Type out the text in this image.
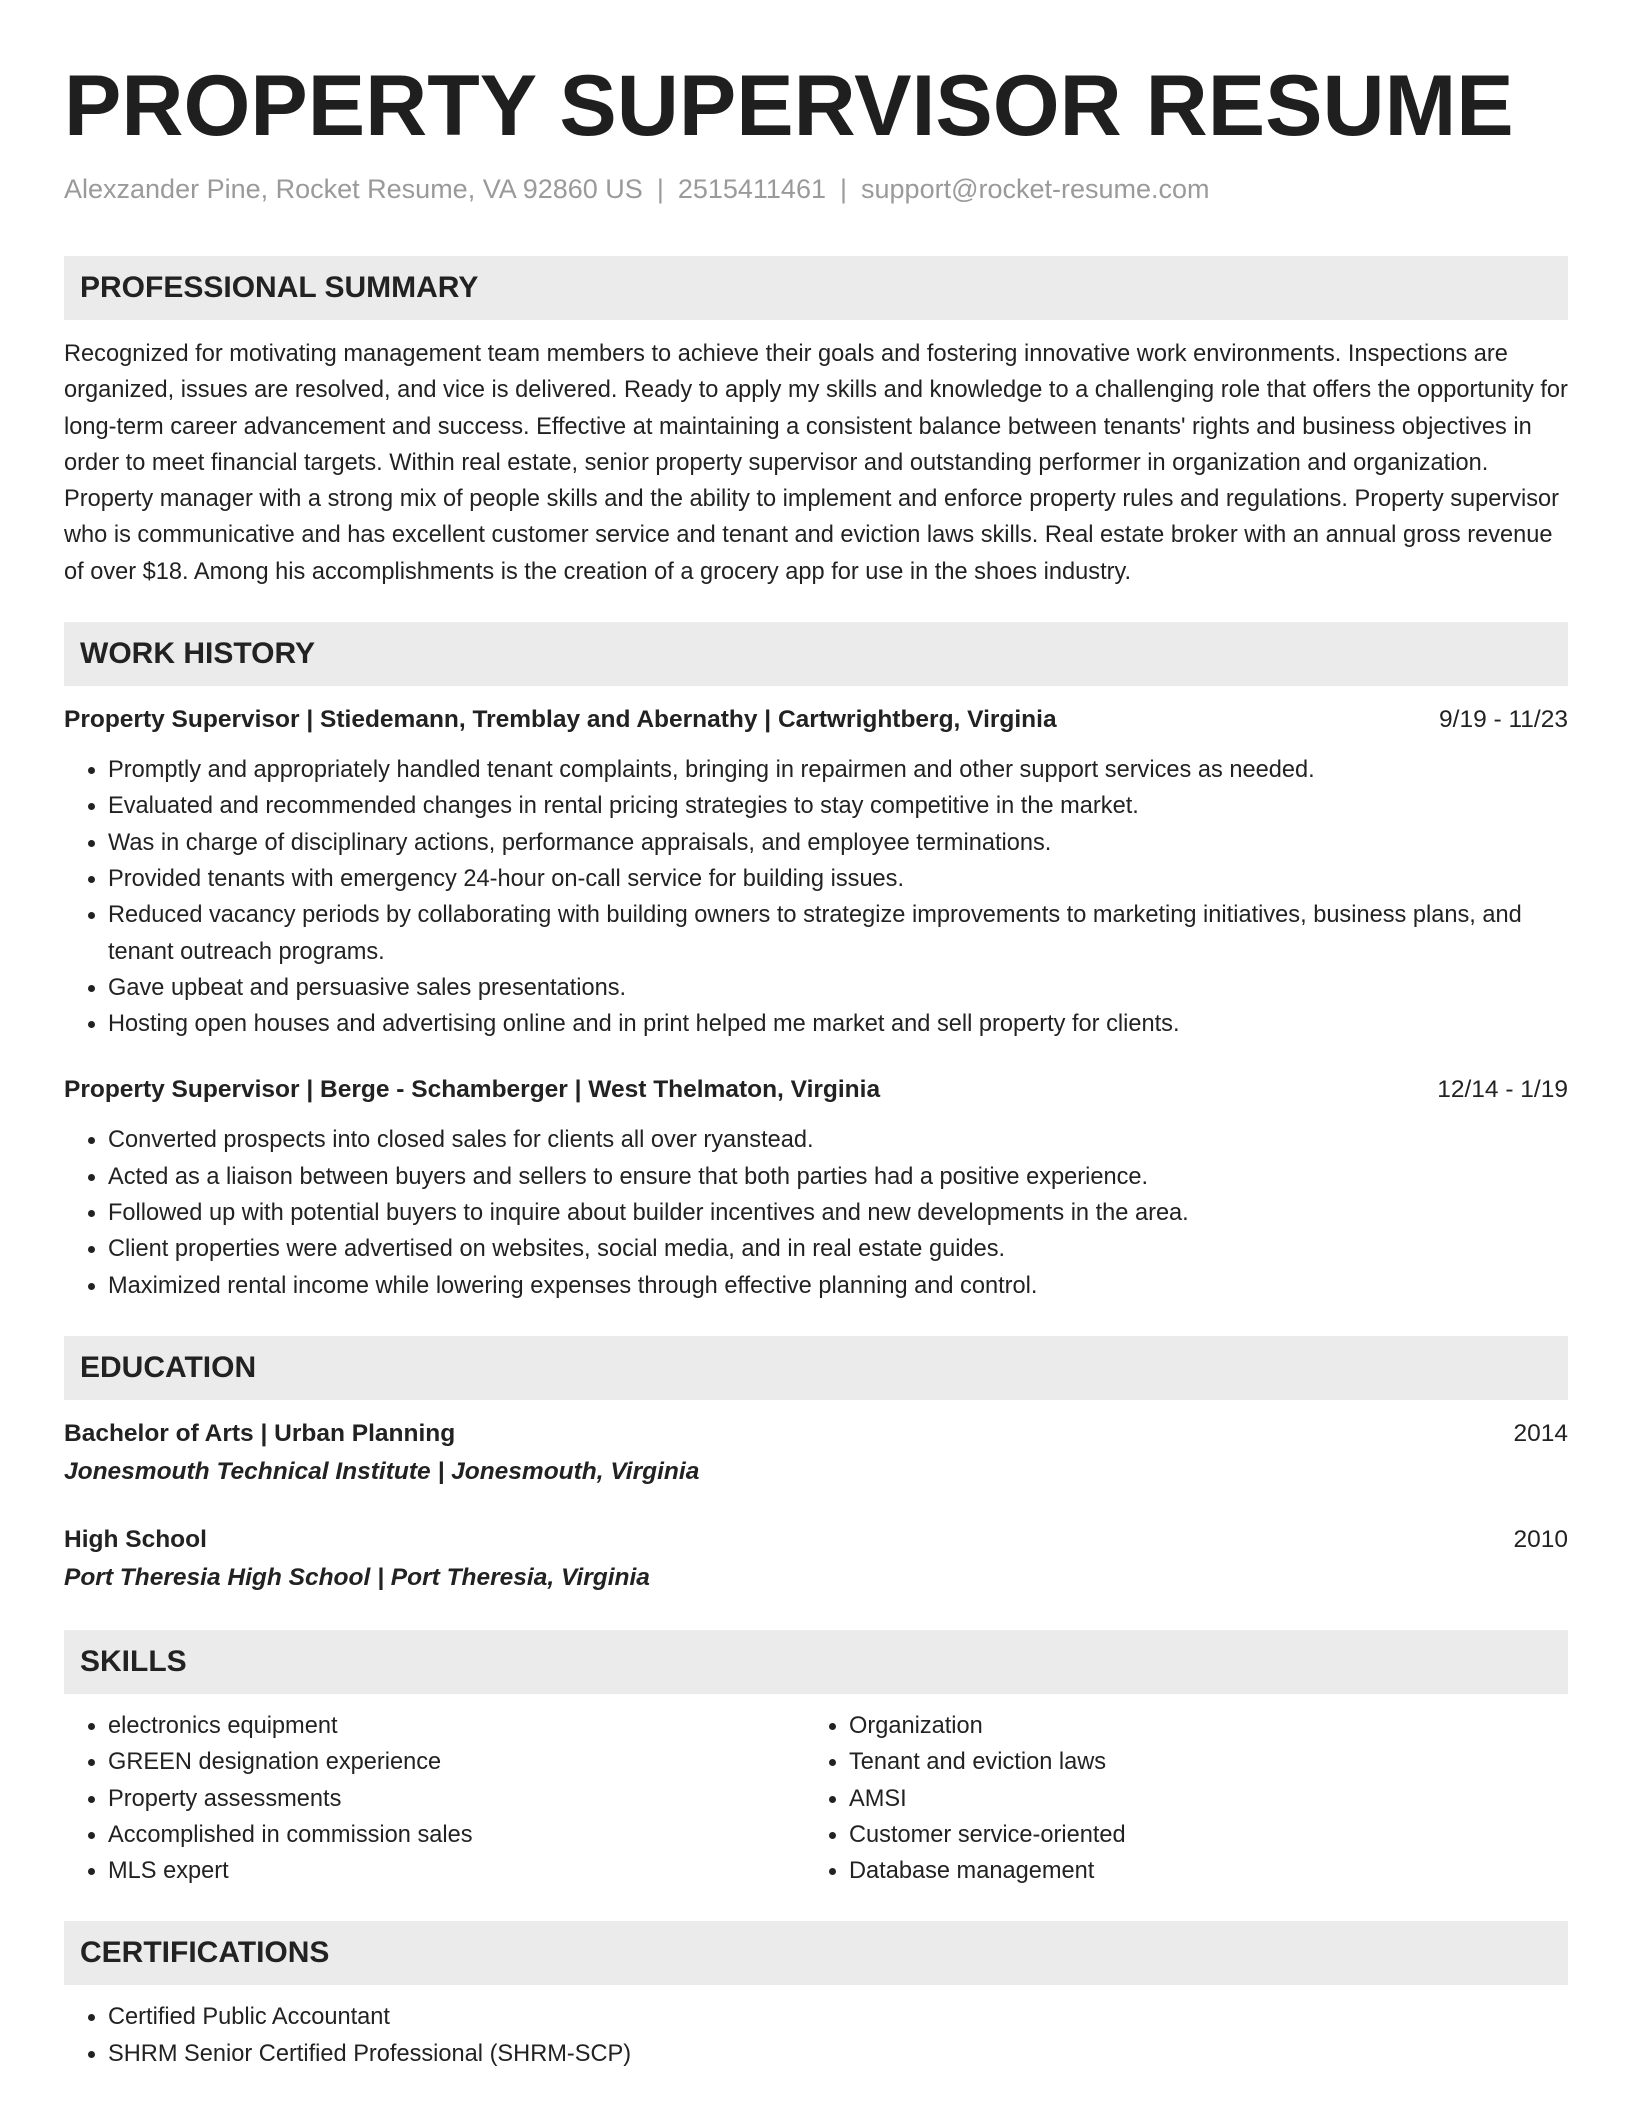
PROPERTY SUPERVISOR RESUME
Alexzander Pine, Rocket Resume, VA 92860 US | 2515411461 | support@rocket-resume.com
PROFESSIONAL SUMMARY
Recognized for motivating management team members to achieve their goals and fostering innovative work environments. Inspections are organized, issues are resolved, and vice is delivered. Ready to apply my skills and knowledge to a challenging role that offers the opportunity for long-term career advancement and success. Effective at maintaining a consistent balance between tenants' rights and business objectives in order to meet financial targets. Within real estate, senior property supervisor and outstanding performer in organization and organization. Property manager with a strong mix of people skills and the ability to implement and enforce property rules and regulations. Property supervisor who is communicative and has excellent customer service and tenant and eviction laws skills. Real estate broker with an annual gross revenue of over $18. Among his accomplishments is the creation of a grocery app for use in the shoes industry.
WORK HISTORY
Property Supervisor | Stiedemann, Tremblay and Abernathy | Cartwrightberg, Virginia	9/19 - 11/23
• Promptly and appropriately handled tenant complaints, bringing in repairmen and other support services as needed.
• Evaluated and recommended changes in rental pricing strategies to stay competitive in the market.
• Was in charge of disciplinary actions, performance appraisals, and employee terminations.
• Provided tenants with emergency 24-hour on-call service for building issues.
• Reduced vacancy periods by collaborating with building owners to strategize improvements to marketing initiatives, business plans, and tenant outreach programs.
• Gave upbeat and persuasive sales presentations.
• Hosting open houses and advertising online and in print helped me market and sell property for clients.
Property Supervisor | Berge - Schamberger | West Thelmaton, Virginia	12/14 - 1/19
• Converted prospects into closed sales for clients all over ryanstead.
• Acted as a liaison between buyers and sellers to ensure that both parties had a positive experience.
• Followed up with potential buyers to inquire about builder incentives and new developments in the area.
• Client properties were advertised on websites, social media, and in real estate guides.
• Maximized rental income while lowering expenses through effective planning and control.
EDUCATION
Bachelor of Arts | Urban Planning	2014
Jonesmouth Technical Institute | Jonesmouth, Virginia
High School	2010
Port Theresia High School | Port Theresia, Virginia
SKILLS
• electronics equipment
• GREEN designation experience
• Property assessments
• Accomplished in commission sales
• MLS expert
• Organization
• Tenant and eviction laws
• AMSI
• Customer service-oriented
• Database management
CERTIFICATIONS
• Certified Public Accountant
• SHRM Senior Certified Professional (SHRM-SCP)
